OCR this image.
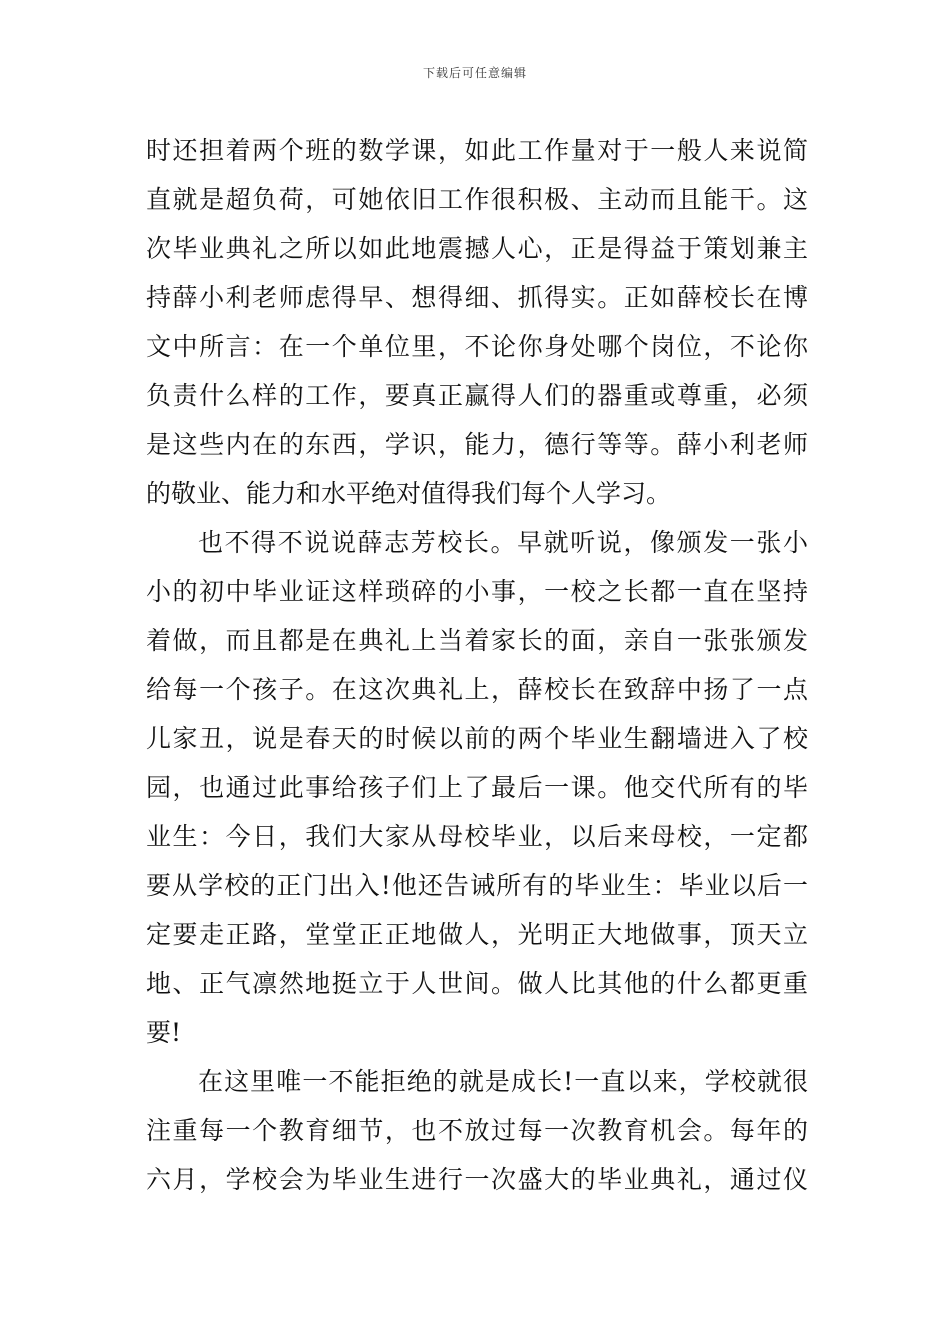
下载后可任意编辑
时还担着两个班的数学课，如此工作量对于一般人来说简
直就是超负荷，可她依旧工作很积极、主动而且能干。这
次毕业典礼之所以如此地震撼人心，正是得益于策划兼主
持薛小利老师虑得早、想得细、抓得实。正如薛校长在博
文中所言：在一个单位里，不论你身处哪个岗位，不论你
负责什么样的工作，要真正赢得人们的器重或尊重，必须
是这些内在的东西，学识，能力，德行等等。薛小利老师
的敬业、能力和水平绝对值得我们每个人学习。
也不得不说说薛志芳校长。早就听说，像颁发一张小
小的初中毕业证这样琐碎的小事，一校之长都一直在坚持
着做，而且都是在典礼上当着家长的面，亲自一张张颁发
给每一个孩子。在这次典礼上，薛校长在致辞中扬了一点
儿家丑，说是春天的时候以前的两个毕业生翻墙进入了校
园，也通过此事给孩子们上了最后一课。他交代所有的毕
业生：今日，我们大家从母校毕业，以后来母校，一定都
要从学校的正门出入!他还告诫所有的毕业生：毕业以后一
定要走正路，堂堂正正地做人，光明正大地做事，顶天立
地、正气凛然地挺立于人世间。做人比其他的什么都更重
要!
在这里唯一不能拒绝的就是成长!一直以来，学校就很
注重每一个教育细节，也不放过每一次教育机会。每年的
六月，学校会为毕业生进行一次盛大的毕业典礼，通过仪
